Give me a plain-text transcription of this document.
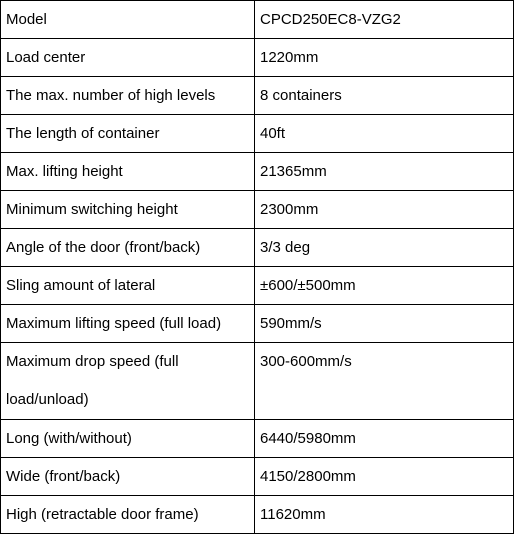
Model	CPCD250EC8-VZG2
Load center	1220mm
The max. number of high levels	8 containers
The length of container	40ft
Max. lifting height	21365mm
Minimum switching height	2300mm
Angle of the door (front/back)	3/3 deg
Sling amount of lateral	±600/±500mm
Maximum lifting speed (full load)	590mm/s
Maximum drop speed (full load/unload)	300-600mm/s
Long (with/without)	6440/5980mm
Wide (front/back)	4150/2800mm
High (retractable door frame)	11620mm
